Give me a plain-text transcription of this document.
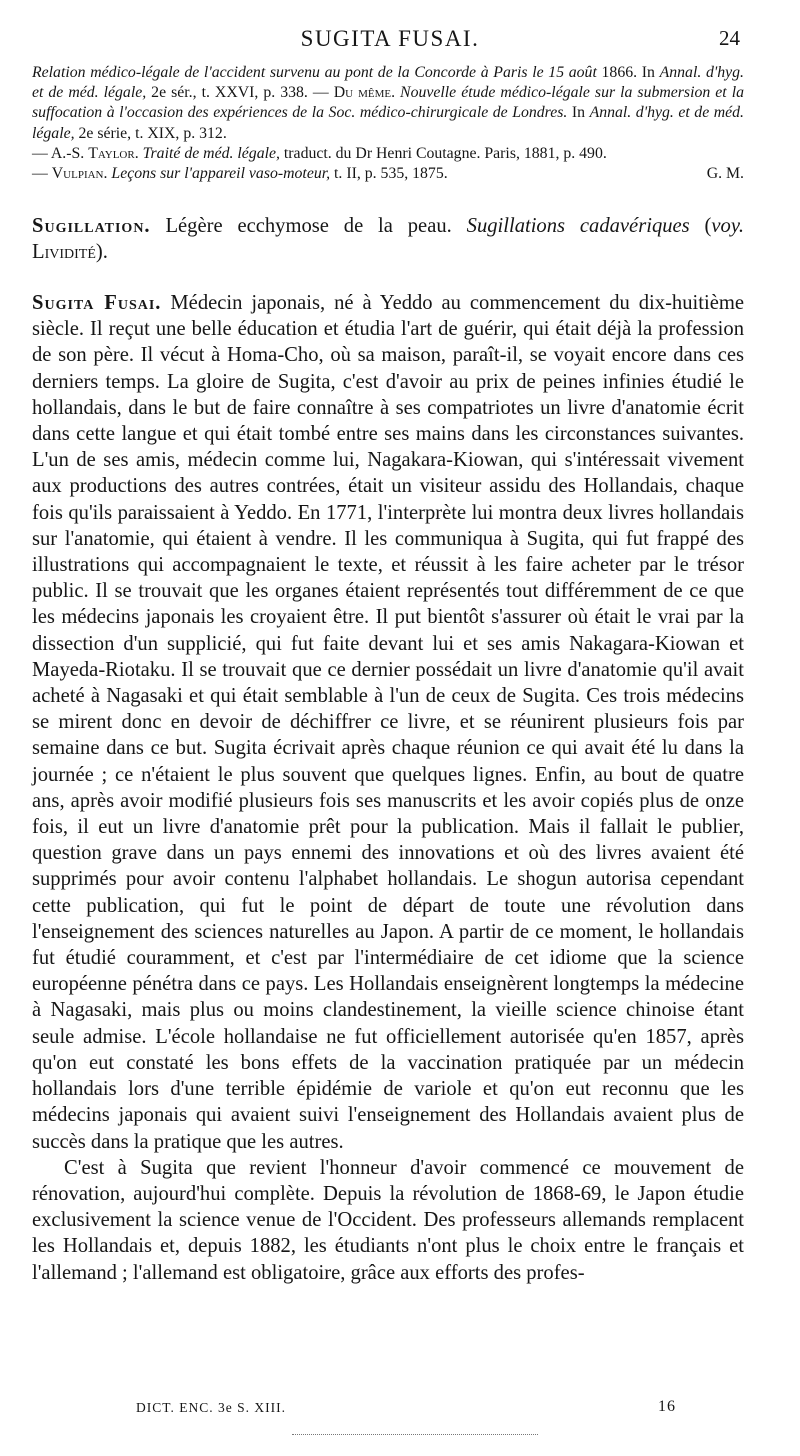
SUGITA FUSAI.	24

Relation médico-légale de l'accident survenu au pont de la Concorde à Paris le 15 août 1866. In Annal. d'hyg. et de méd. légale, 2e sér., t. XXVI, p. 338. — Du même. Nouvelle étude médico-légale sur la submersion et la suffocation à l'occasion des expériences de la Soc. médico-chirurgicale de Londres. In Annal. d'hyg. et de méd. légale, 2e série, t. XIX, p. 312.

— A.-S. Taylor. Traité de méd. légale, traduct. du Dr Henri Coutagne. Paris, 1881, p. 490.

G. M.
— Vulpian. Leçons sur l'appareil vaso-moteur, t. II, p. 535, 1875.

Sugillation. Légère ecchymose de la peau. Sugillations cadavériques (voy. Lividité).

Sugita Fusai. Médecin japonais, né à Yeddo au commencement du dix-huitième siècle. Il reçut une belle éducation et étudia l'art de guérir, qui était déjà la profession de son père. Il vécut à Homa-Cho, où sa maison, paraît-il, se voyait encore dans ces derniers temps. La gloire de Sugita, c'est d'avoir au prix de peines infinies étudié le hollandais, dans le but de faire connaître à ses compatriotes un livre d'anatomie écrit dans cette langue et qui était tombé entre ses mains dans les circonstances suivantes. L'un de ses amis, médecin comme lui, Nagakara-Kiowan, qui s'intéressait vivement aux productions des autres contrées, était un visiteur assidu des Hollandais, chaque fois qu'ils paraissaient à Yeddo. En 1771, l'interprète lui montra deux livres hollandais sur l'anatomie, qui étaient à vendre. Il les communiqua à Sugita, qui fut frappé des illustrations qui accompagnaient le texte, et réussit à les faire acheter par le trésor public. Il se trouvait que les organes étaient représentés tout différemment de ce que les médecins japonais les croyaient être. Il put bientôt s'assurer où était le vrai par la dissection d'un supplicié, qui fut faite devant lui et ses amis Nakagara-Kiowan et Mayeda-Riotaku. Il se trouvait que ce dernier possédait un livre d'anatomie qu'il avait acheté à Nagasaki et qui était semblable à l'un de ceux de Sugita. Ces trois médecins se mirent donc en devoir de déchiffrer ce livre, et se réunirent plusieurs fois par semaine dans ce but. Sugita écrivait après chaque réunion ce qui avait été lu dans la journée ; ce n'étaient le plus souvent que quelques lignes. Enfin, au bout de quatre ans, après avoir modifié plusieurs fois ses manuscrits et les avoir copiés plus de onze fois, il eut un livre d'anatomie prêt pour la publication. Mais il fallait le publier, question grave dans un pays ennemi des innovations et où des livres avaient été supprimés pour avoir contenu l'alphabet hollandais. Le shogun autorisa cependant cette publication, qui fut le point de départ de toute une révolution dans l'enseignement des sciences naturelles au Japon. A partir de ce moment, le hollandais fut étudié couramment, et c'est par l'intermédiaire de cet idiome que la science européenne pénétra dans ce pays. Les Hollandais enseignèrent longtemps la médecine à Nagasaki, mais plus ou moins clandestinement, la vieille science chinoise étant seule admise. L'école hollandaise ne fut officiellement autorisée qu'en 1857, après qu'on eut constaté les bons effets de la vaccination pratiquée par un médecin hollandais lors d'une terrible épidémie de variole et qu'on eut reconnu que les médecins japonais qui avaient suivi l'enseignement des Hollandais avaient plus de succès dans la pratique que les autres.

C'est à Sugita que revient l'honneur d'avoir commencé ce mouvement de rénovation, aujourd'hui complète. Depuis la révolution de 1868-69, le Japon étudie exclusivement la science venue de l'Occident. Des professeurs allemands remplacent les Hollandais et, depuis 1882, les étudiants n'ont plus le choix entre le français et l'allemand ; l'allemand est obligatoire, grâce aux efforts des profes-

DICT. ENC. 3e S. XIII.	16
